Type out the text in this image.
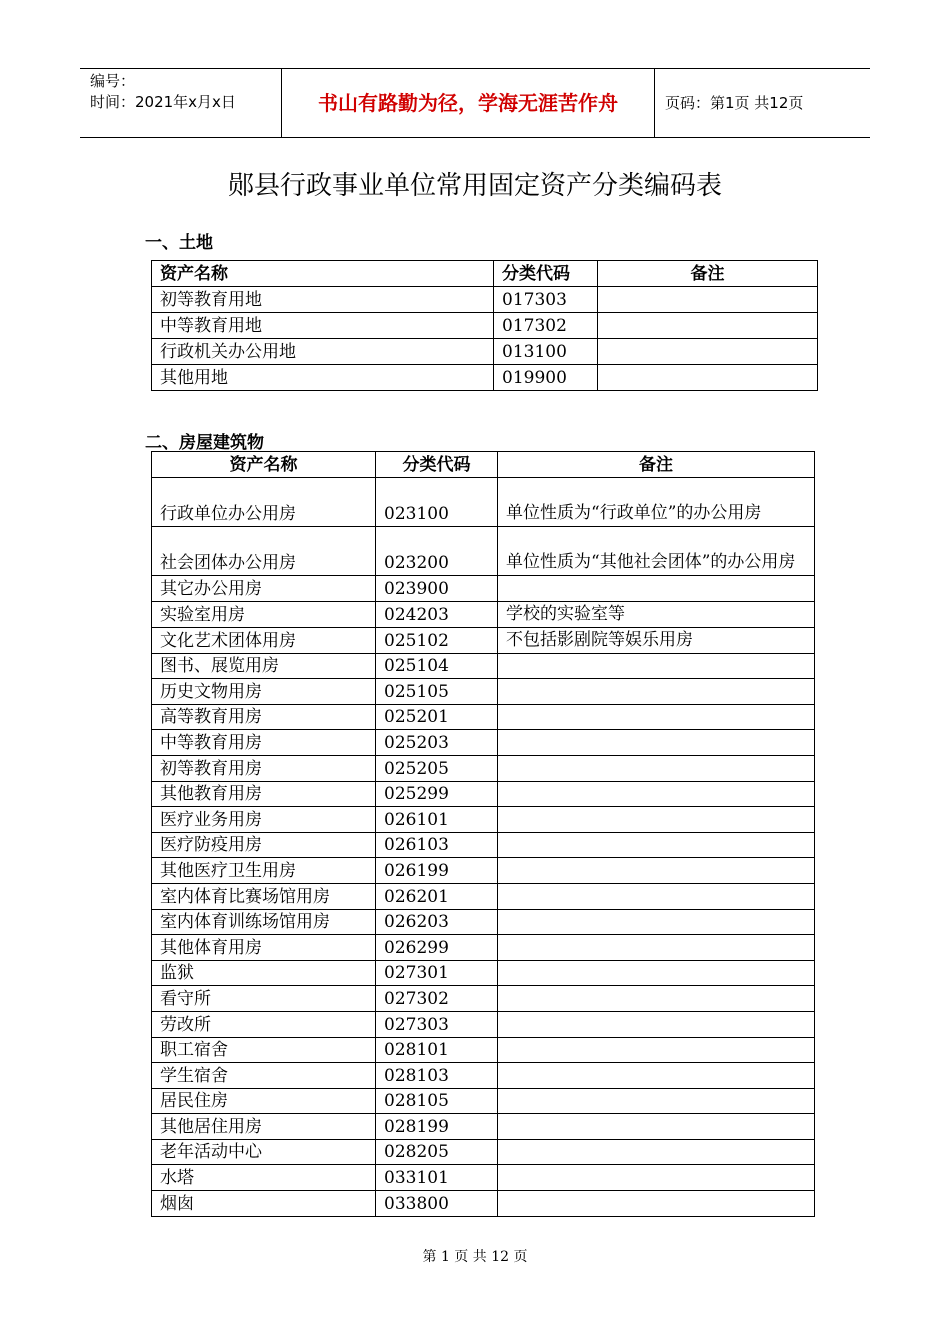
编号：
时间：2021年x月x日	书山有路勤为径，学海无涯苦作舟	页码：第1页 共12页
郧县行政事业单位常用固定资产分类编码表
一、土地
资产名称	分类代码	备注
初等教育用地	017303	
中等教育用地	017302	
行政机关办公用地	013100	
其他用地	019900	
二、房屋建筑物
资产名称	分类代码	备注
行政单位办公用房	023100	单位性质为“行政单位”的办公用房
社会团体办公用房	023200	单位性质为“其他社会团体”的办公用房
其它办公用房	023900	
实验室用房	024203	学校的实验室等
文化艺术团体用房	025102	不包括影剧院等娱乐用房
图书、展览用房	025104	
历史文物用房	025105	
高等教育用房	025201	
中等教育用房	025203	
初等教育用房	025205	
其他教育用房	025299	
医疗业务用房	026101	
医疗防疫用房	026103	
其他医疗卫生用房	026199	
室内体育比赛场馆用房	026201	
室内体育训练场馆用房	026203	
其他体育用房	026299	
监狱	027301	
看守所	027302	
劳改所	027303	
职工宿舍	028101	
学生宿舍	028103	
居民住房	028105	
其他居住用房	028199	
老年活动中心	028205	
水塔	033101	
烟囱	033800	
第 1 页 共 12 页
